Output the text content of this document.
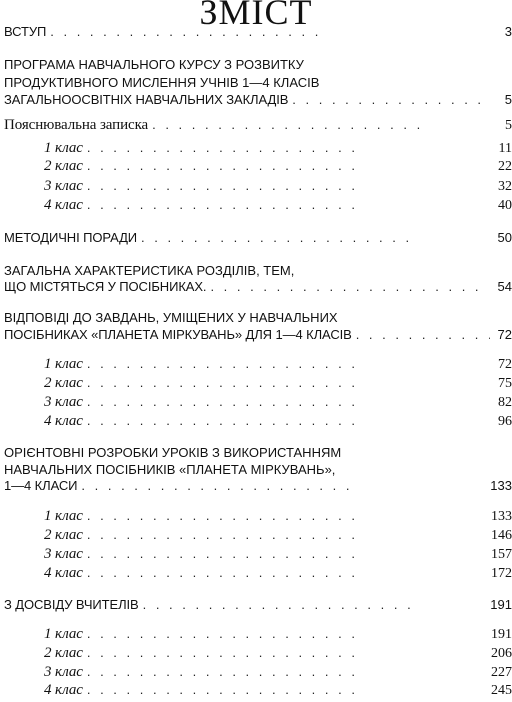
ЗМІСТ
ВСТУП . . .	3
ПРОГРАМА НАВЧАЛЬНОГО КУРСУ З РОЗВИТКУ
ПРОДУКТИВНОГО МИСЛЕННЯ УЧНІВ 1—4 КЛАСІВ
ЗАГАЛЬНООСВІТНІХ НАВЧАЛЬНИХ ЗАКЛАДІВ . . .	5
Пояснювальна записка . . .	5
1 клас . . .	11
2 клас . . .	22
3 клас . . .	32
4 клас . . .	40
МЕТОДИЧНІ ПОРАДИ . . .	50
ЗАГАЛЬНА ХАРАКТЕРИСТИКА РОЗДІЛІВ, ТЕМ,
ЩО МІСТЯТЬСЯ У ПОСІБНИКАХ. . . .	54
ВІДПОВІДІ ДО ЗАВДАНЬ, УМІЩЕНИХ У НАВЧАЛЬНИХ
ПОСІБНИКАХ «ПЛАНЕТА МІРКУВАНЬ» ДЛЯ 1—4 КЛАСІВ . . .	72
1 клас . . .	72
2 клас . . .	75
3 клас . . .	82
4 клас . . .	96
ОРІЄНТОВНІ РОЗРОБКИ УРОКІВ З ВИКОРИСТАННЯМ
НАВЧАЛЬНИХ ПОСІБНИКІВ «ПЛАНЕТА МІРКУВАНЬ»,
1—4 КЛАСИ . . .	133
1 клас . . .	133
2 клас . . .	146
3 клас . . .	157
4 клас . . .	172
З ДОСВІДУ ВЧИТЕЛІВ . . .	191
1 клас . . .	191
2 клас . . .	206
3 клас . . .	227
4 клас . . .	245
